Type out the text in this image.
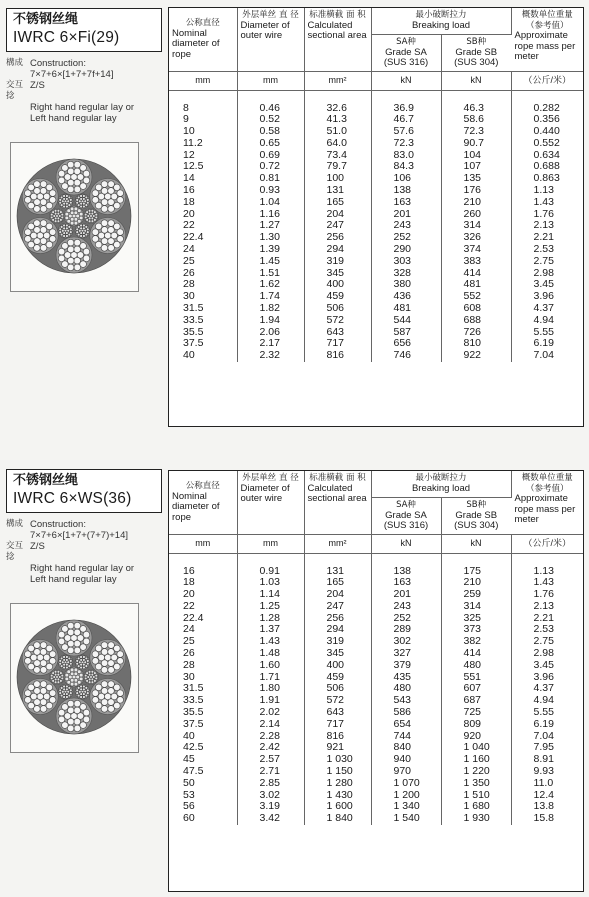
不锈钢丝绳
IWRC 6×Fi(29)
構成 Construction:
7×7+6×[1+7+7f+14]
交互捻
Z/S
Right hand regular lay or
Left hand regular lay
公称直径
Nominal diameter of rope	外层单丝 直 径
Diameter of outer wire	标准横截 面 积
Calculated sectional area	最小破断拉力
Breaking load		概数单位重量 （参考值）
Approximate rope mass per meter

			SA种
Grade SA
(SUS 316)	SB种
Grade SB
(SUS 304)	

mm	mm	mm²	kN	kN	（公斤/米）

8	0.46	32.6	36.9	46.3	0.282
9	0.52	41.3	46.7	58.6	0.356
10	0.58	51.0	57.6	72.3	0.440
11.2	0.65	64.0	72.3	90.7	0.552
12	0.69	73.4	83.0	104	0.634
12.5	0.72	79.7	84.3	107	0.688
14	0.81	100	106	135	0.863
16	0.93	131	138	176	1.13
18	1.04	165	163	210	1.43
20	1.16	204	201	260	1.76
22	1.27	247	243	314	2.13
22.4	1.30	256	252	326	2.21
24	1.39	294	290	374	2.53
25	1.45	319	303	383	2.75
26	1.51	345	328	414	2.98
28	1.62	400	380	481	3.45
30	1.74	459	436	552	3.96
31.5	1.82	506	481	608	4.37
33.5	1.94	572	544	688	4.94
35.5	2.06	643	587	726	5.55
37.5	2.17	717	656	810	6.19
40	2.32	816	746	922	7.04
不锈钢丝绳
IWRC 6×WS(36)
構成 Construction:
7×7+6×[1+7+(7+7)+14]
交互捻
Z/S
Right hand regular lay or
Left hand regular lay
公称直径
Nominal diameter of rope	外层单丝 直 径
Diameter of outer wire	标准横截 面 积
Calculated sectional area	最小破断拉力
Breaking load		概数单位重量 （参考值）
Approximate rope mass per meter

			SA种
Grade SA
(SUS 316)	SB种
Grade SB
(SUS 304)	

mm	mm	mm²	kN	kN	（公斤/米）

16	0.91	131	138	175	1.13
18	1.03	165	163	210	1.43
20	1.14	204	201	259	1.76
22	1.25	247	243	314	2.13
22.4	1.28	256	252	325	2.21
24	1.37	294	289	373	2.53
25	1.43	319	302	382	2.75
26	1.48	345	327	414	2.98
28	1.60	400	379	480	3.45
30	1.71	459	435	551	3.96
31.5	1.80	506	480	607	4.37
33.5	1.91	572	543	687	4.94
35.5	2.02	643	586	725	5.55
37.5	2.14	717	654	809	6.19
40	2.28	816	744	920	7.04
42.5	2.42	921	840	1 040	7.95
45	2.57	1 030	940	1 160	8.91
47.5	2.71	1 150	970	1 220	9.93
50	2.85	1 280	1 070	1 350	11.0
53	3.02	1 430	1 200	1 510	12.4
56	3.19	1 600	1 340	1 680	13.8
60	3.42	1 840	1 540	1 930	15.8
